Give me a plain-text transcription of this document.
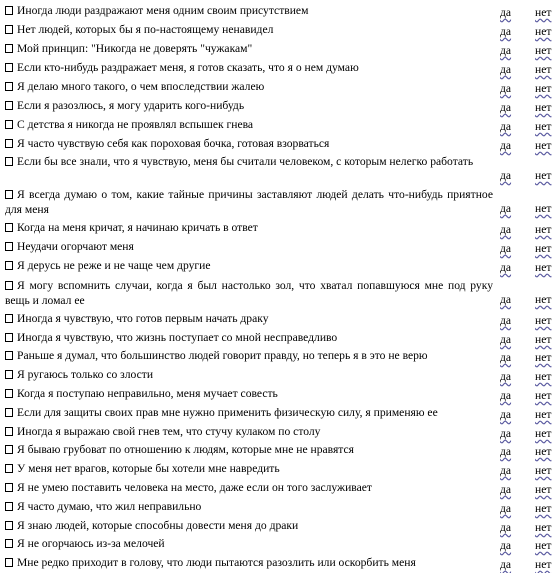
Иногда люди раздражают меня одним своим присутствием	да нет
Нет людей, которых бы я по-настоящему ненавидел	да нет
Мой принцип: "Никогда не доверять "чужакам"	да нет
Если кто-нибудь раздражает меня, я готов сказать, что я о нем думаю	да нет
Я делаю много такого, о чем впоследствии жалею	да нет
Если я разозлюсь, я могу ударить кого-нибудь	да нет
С детства я никогда не проявлял вспышек гнева	да нет
Я часто чувствую себя как пороховая бочка, готовая взорваться	да нет
Если бы все знали, что я чувствую, меня бы считали человеком, с которым нелегко работать
да нет
Я всегда думаю о том, какие тайные причины заставляют людей делать что-нибудь приятное для меня	да нет
Когда на меня кричат, я начинаю кричать в ответ	да нет
Неудачи огорчают меня	да нет
Я дерусь не реже и не чаще чем другие	да нет
Я могу вспомнить случаи, когда я был настолько зол, что хватал попавшуюся мне под руку вещь и ломал ее	да нет
Иногда я чувствую, что готов первым начать драку	да нет
Иногда я чувствую, что жизнь поступает со мной несправедливо	да нет
Раньше я думал, что большинство людей говорит правду, но теперь я в это не верю	да нет
Я ругаюсь только со злости	да нет
Когда я поступаю неправильно, меня мучает совесть	да нет
Если для защиты своих прав мне нужно применить физическую силу, я применяю ее	да нет
Иногда я выражаю свой гнев тем, что стучу кулаком по столу	да нет
Я бываю грубоват по отношению к людям, которые мне не нравятся	да нет
У меня нет врагов, которые бы хотели мне навредить	да нет
Я не умею поставить человека на место, даже если он того заслуживает	да нет
Я часто думаю, что жил неправильно	да нет
Я знаю людей, которые способны довести меня до драки	да нет
Я не огорчаюсь из-за мелочей	да нет
Мне редко приходит в голову, что люди пытаются разозлить или оскорбить меня	да нет
